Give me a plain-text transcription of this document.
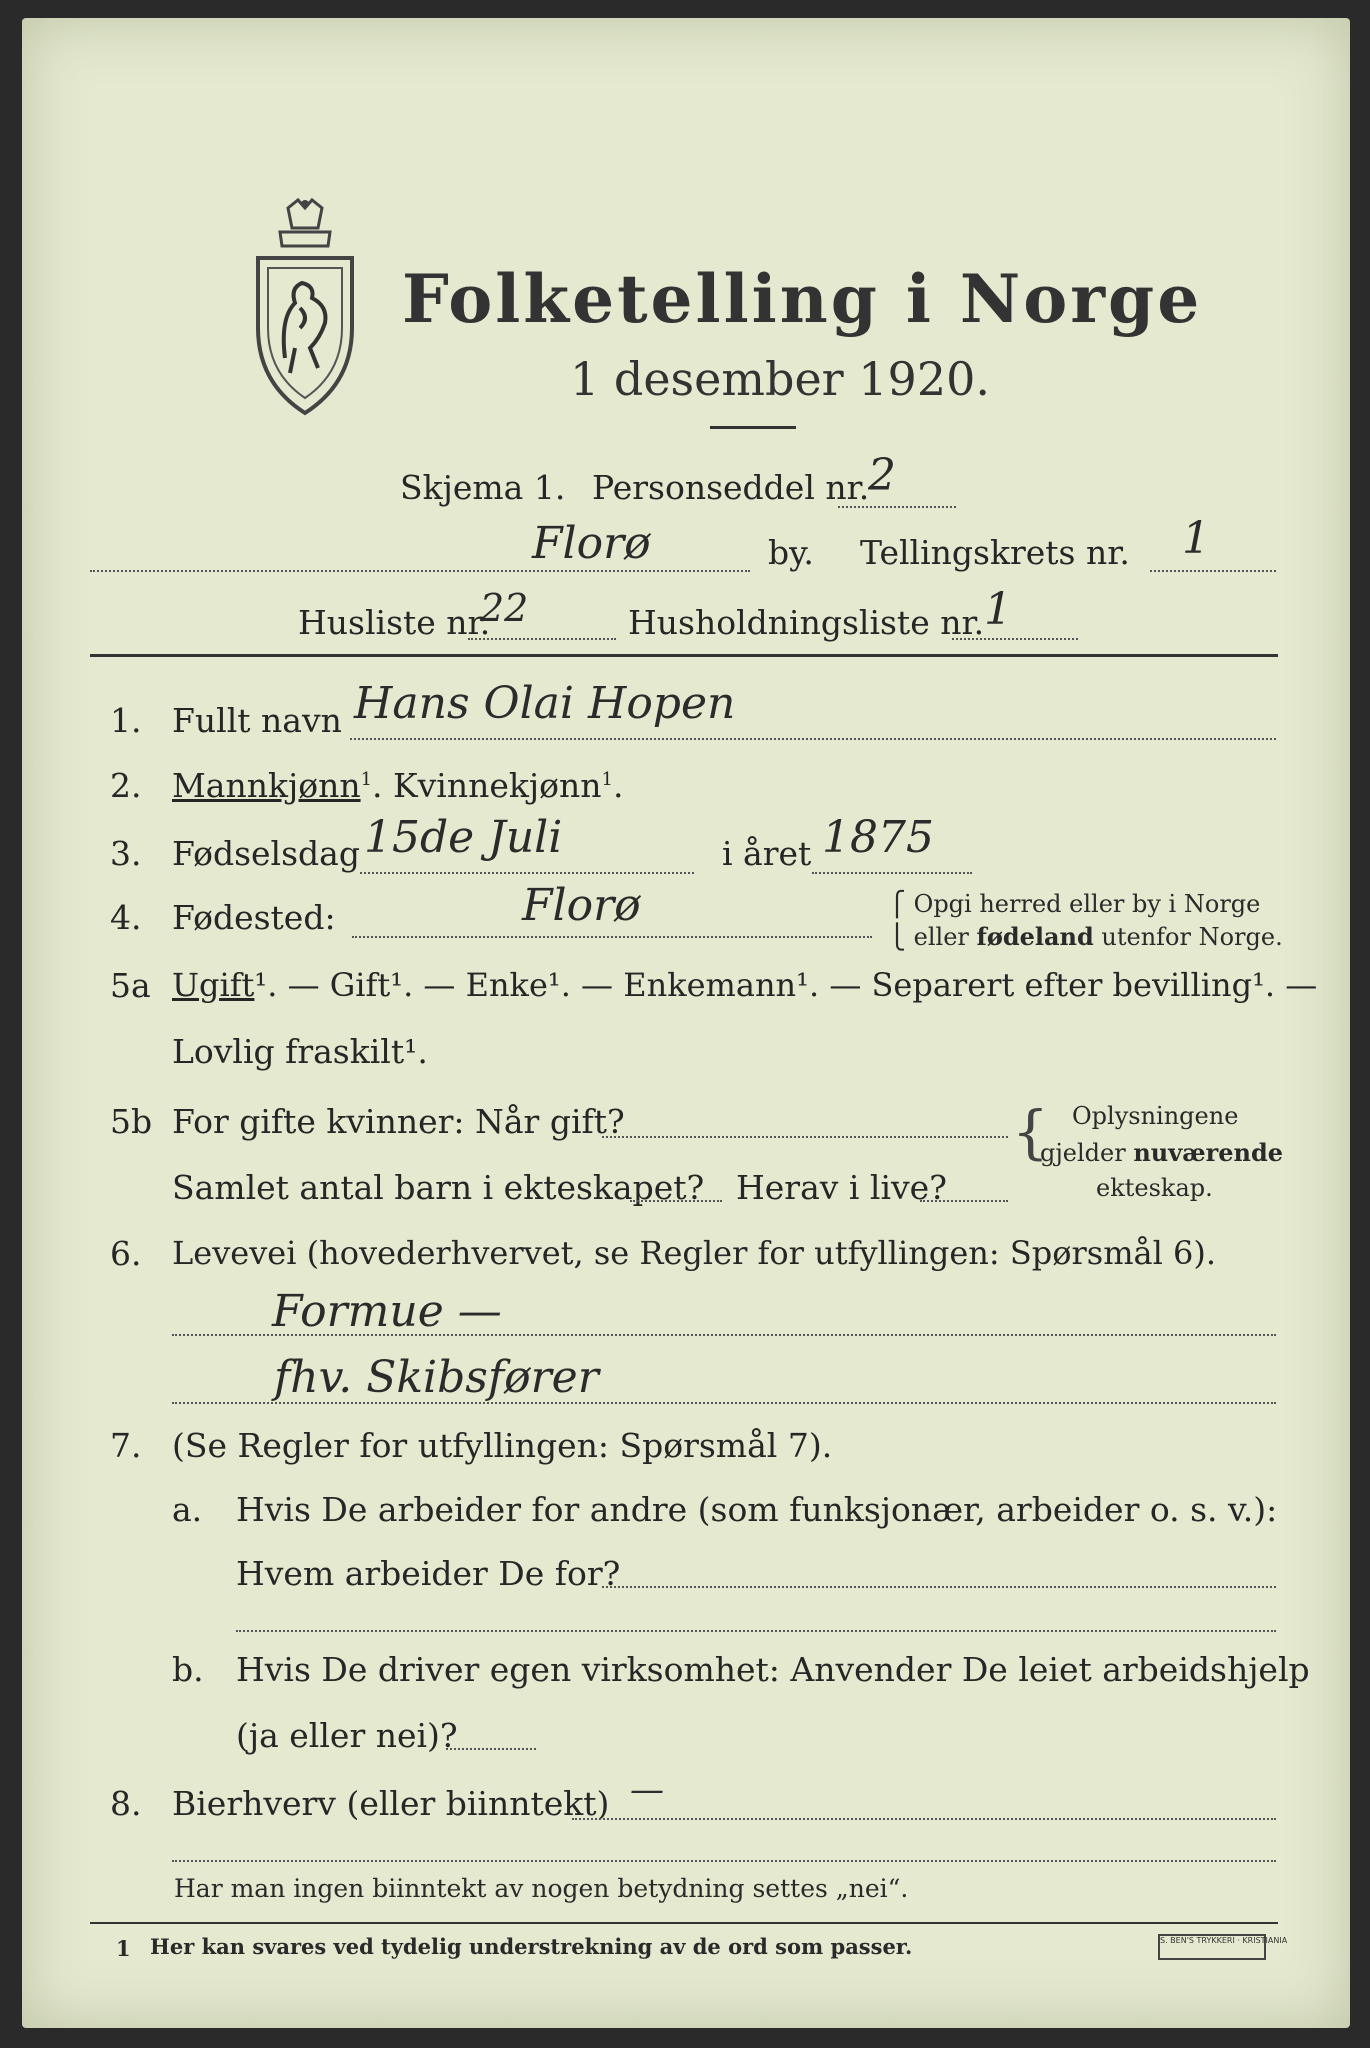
Folketelling i Norge
1 desember 1920.
Skjema 1. Personseddel nr.
2
Florø	by. Tellingskrets nr. 1
Husliste nr.
22	Husholdningsliste nr. 1
1. Fullt navn Hans Olai Hopen
2. Mannkjønn$^1$. Kvinnekjønn$^1$.
3. Fødselsdag 15de Juli	i året 1875
4. Fødested:	Florø	⎧ Opgi herred eller by i Norge
⎩ eller fødeland utenfor Norge.
5a Ugift¹. — Gift¹. — Enke¹. — Enkemann¹. — Separert efter bevilling¹. —
Lovlig fraskilt¹.
5b For gifte kvinner: Når gift?
Samlet antal barn i ekteskapet? Herav i live?
{ Oplysningene
gjelder nuværende
ekteskap.
6. Levevei (hovederhvervet, se Regler for utfyllingen: Spørsmål 6).
Formue —
fhv. Skibsfører
7. (Se Regler for utfyllingen: Spørsmål 7).
a. Hvis De arbeider for andre (som funksjonær, arbeider o. s. v.):
Hvem arbeider De for?
b. Hvis De driver egen virksomhet: Anvender De leiet arbeidshjelp
(ja eller nei)?
8. Bierhverv (eller biinntekt) —
Har man ingen biinntekt av nogen betydning settes „nei“.
1 Her kan svares ved tydelig understrekning av de ord som passer.	S. BEN'S TRYKKERI · KRISTIANIA
